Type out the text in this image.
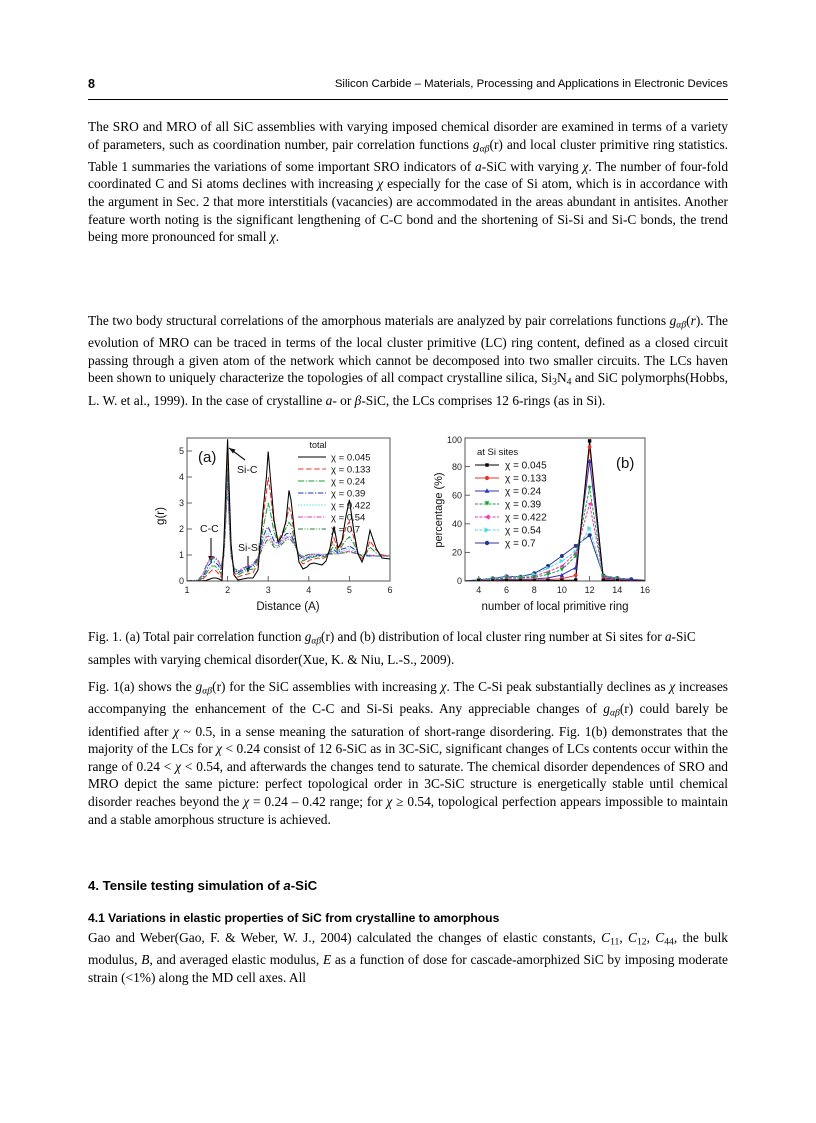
8	Silicon Carbide – Materials, Processing and Applications in Electronic Devices

The SRO and MRO of all SiC assemblies with varying imposed chemical disorder are examined in terms of a variety of parameters, such as coordination number, pair correlation functions $g_{\alpha\beta}(r)$ and local cluster primitive ring statistics. Table 1 summaries the variations of some important SRO indicators of a-SiC with varying χ. The number of four-fold coordinated C and Si atoms declines with increasing χ especially for the case of Si atom, which is in accordance with the argument in Sec. 2 that more interstitials (vacancies) are accommodated in the areas abundant in antisites. Another feature worth noting is the significant lengthening of C-C bond and the shortening of Si-Si and Si-C bonds, the trend being more pronounced for small χ.

The two body structural correlations of the amorphous materials are analyzed by pair correlations functions $g_{\alpha\beta}(r)$. The evolution of MRO can be traced in terms of the local cluster primitive (LC) ring content, defined as a closed circuit passing through a given atom of the network which cannot be decomposed into two smaller circuits. The LCs haven been shown to uniquely characterize the topologies of all compact crystalline silica, $Si_3N_4$ and SiC polymorphs(Hobbs, L. W. et al., 1999). In the case of crystalline a- or β-SiC, the LCs comprises 12 6-rings (as in Si).

0
1
2
3
4
5
1	2	3	4	5	6
Distance (A)
g(r)
(a)
Si-C
C-C
Si-Si
total
χ = 0.045
χ = 0.133
χ = 0.24
χ = 0.39
χ = 0.422
χ = 0.54
χ = 0.7
0
20
40
60
80
100
4	6	8 10 12 14 16
number of local primitive ring
percentage (%)
(b)
at Si sites
χ = 0.045
χ = 0.133
χ = 0.24
χ = 0.39
χ = 0.422
χ = 0.54
χ = 0.7
Fig. 1. (a) Total pair correlation function $g_{\alpha\beta}(r)$ and (b) distribution of local cluster ring number at Si sites for a-SiC samples with varying chemical disorder(Xue, K. & Niu, L.-S., 2009).

Fig. 1(a) shows the $g_{\alpha\beta}(r)$ for the SiC assemblies with increasing χ. The C-Si peak substantially declines as χ increases accompanying the enhancement of the C-C and Si-Si peaks. Any appreciable changes of $g_{\alpha\beta}(r)$ could barely be identified after χ ~ 0.5, in a sense meaning the saturation of short-range disordering. Fig. 1(b) demonstrates that the majority of the LCs for χ < 0.24 consist of 12 6-SiC as in 3C-SiC, significant changes of LCs contents occur within the range of 0.24 < χ < 0.54, and afterwards the changes tend to saturate. The chemical disorder dependences of SRO and MRO depict the same picture: perfect topological order in 3C-SiC structure is energetically stable until chemical disorder reaches beyond the χ = 0.24 – 0.42 range; for χ ≥ 0.54, topological perfection appears impossible to maintain and a stable amorphous structure is achieved.

4. Tensile testing simulation of a-SiC
4.1 Variations in elastic properties of SiC from crystalline to amorphous

Gao and Weber(Gao, F. & Weber, W. J., 2004) calculated the changes of elastic constants, $C_{11}$, $C_{12}$, $C_{44}$, the bulk modulus, B, and averaged elastic modulus, E as a function of dose for cascade-amorphized SiC by imposing moderate strain (<1%) along the MD cell axes. All
